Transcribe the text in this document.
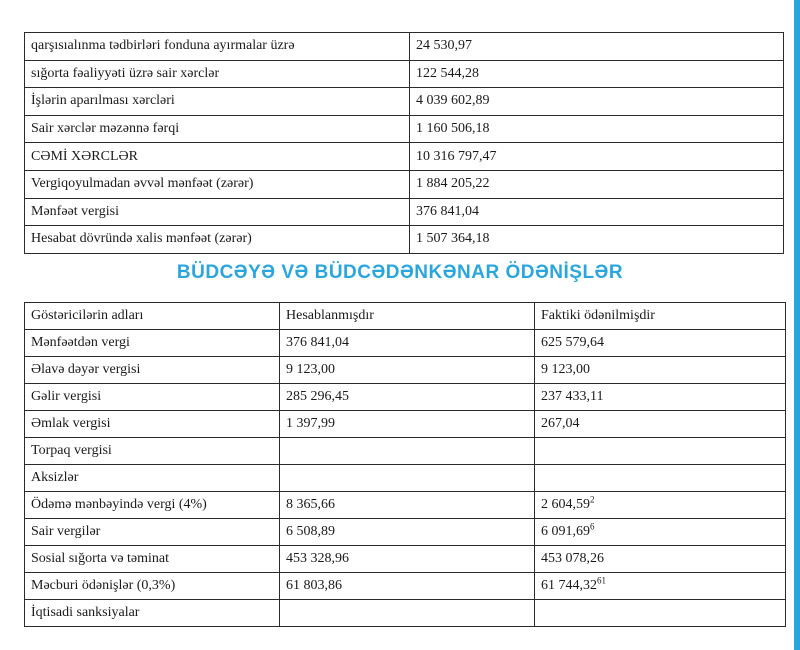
qarşısıalınma tədbirləri fonduna ayırmalar üzrə	24 530,97
sığorta fəaliyyəti üzrə sair xərclər	122 544,28
İşlərin aparılması xərcləri	4 039 602,89
Sair xərclər məzənnə fərqi	1 160 506,18
CƏMİ XƏRCLƏR	10 316 797,47
Vergiqoyulmadan əvvəl mənfəət (zərər)	1 884 205,22
Mənfəət vergisi	376 841,04
Hesabat dövründə xalis mənfəət (zərər)	1 507 364,18
BÜDCƏYƏ VƏ BÜDCƏDƏNKƏNAR ÖDƏNİŞLƏR
Göstəricilərin adları	Hesablanmışdır	Faktiki ödənilmişdir
Mənfəətdən vergi	376 841,04	625 579,64
Əlavə dəyər vergisi	9 123,00	9 123,00
Gəlir vergisi	285 296,45	237 433,11
Əmlak vergisi	1 397,99	267,04
Torpaq vergisi		
Aksizlər		
Ödəmə mənbəyində vergi (4%)	8 365,66	2 604,59$^2$
Sair vergilər	6 508,89	6 091,69$^6$
Sosial sığorta və təminat	453 328,96	453 078,26
Məcburi ödənişlər (0,3%)	61 803,86	61 744,32$^{61}$
İqtisadi sanksiyalar		
